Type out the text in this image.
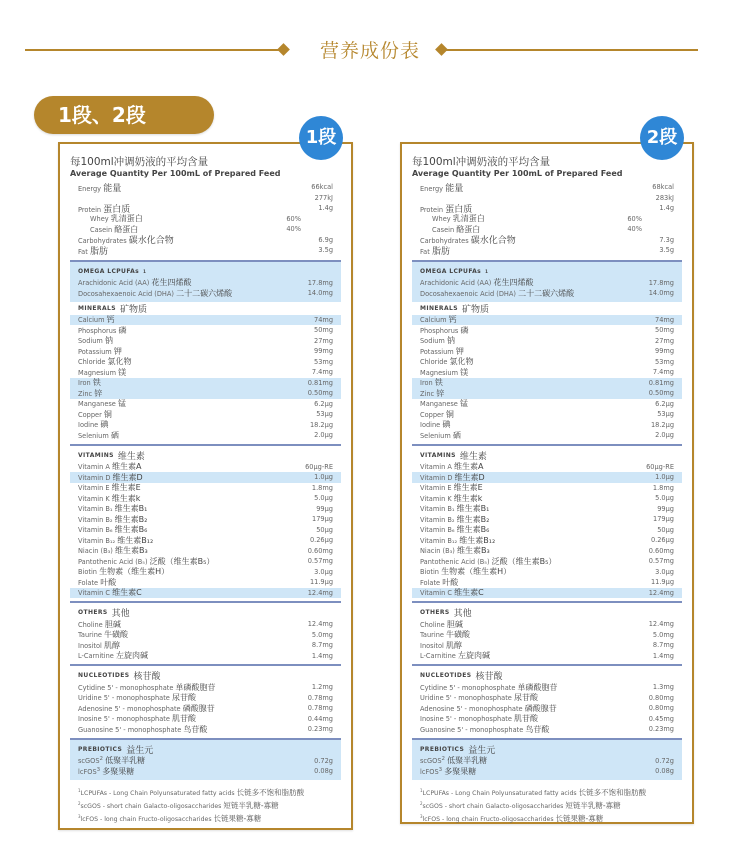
营养成份表
1段、2段
1段
每100ml冲调奶液的平均含量
Average Quantity Per 100mL of Prepared Feed
Energy 能量	66kcal
277kJ
Protein 蛋白质	1.4g
Whey 乳清蛋白	60%
Casein 酪蛋白	40%
Carbohydrates 碳水化合物	6.9g
Fat 脂肪	3.5g
OMEGA LCPUFAs 1
Arachidonic Acid (AA) 花生四烯酸	17.8mg
Docosahexaenoic Acid (DHA) 二十二碳六烯酸	14.0mg
MINERALS 矿物质
Calcium 钙	74mg
Phosphorus 磷	50mg
Sodium 钠	27mg
Potassium 钾	99mg
Chloride 氯化物	53mg
Magnesium 镁	7.4mg
Iron 铁	0.81mg
Zinc 锌	0.50mg
Manganese 锰	6.2μg
Copper 铜	53μg
Iodine 碘	18.2μg
Selenium 硒	2.0μg
VITAMINS 维生素
Vitamin A 维生素A	60μg-RE
Vitamin D 维生素D	1.0μg
Vitamin E 维生素E	1.8mg
Vitamin K 维生素k	5.0μg
Vitamin B₁ 维生素B₁	99μg
Vitamin B₂ 维生素B₂	179μg
Vitamin B₆ 维生素B₆	50μg
Vitamin B₁₂ 维生素B₁₂	0.26μg
Niacin (B₃) 维生素B₃	0.60mg
Pantothenic Acid (B₅) 泛酸（维生素B₅）	0.57mg
Biotin 生物素（维生素H）	3.0μg
Folate 叶酸	11.9μg
Vitamin C 维生素C	12.4mg
OTHERS 其他
Choline 胆碱	12.4mg
Taurine 牛磺酸	5.0mg
Inositol 肌醇	8.7mg
L-Carnitine 左旋肉碱	1.4mg
NUCLEOTIDES 核苷酸
Cytidine 5' - monophosphate 单磷酸胞苷	1.2mg
Uridine 5' - monophosphate 尿苷酸	0.78mg
Adenosine 5' - monophosphate 磷酸腺苷	0.78mg
Inosine 5' - monophosphate 肌苷酸	0.44mg
Guanosine 5' - monophosphate 鸟苷酸	0.23mg
PREBIOTICS 益生元
scGOS$^2$ 低聚半乳糖	0.72g
lcFOS$^3$ 多聚果糖	0.08g
$^1$LCPUFAs - Long Chain Polyunsaturated fatty acids 长链多不饱和脂肪酸
$^2$scGOS - short chain Galacto-oligosaccharides 短链半乳糖-寡糖
$^3$lcFOS - long chain Fructo-oligosaccharides 长链果糖-寡糖
2段
每100ml冲调奶液的平均含量
Average Quantity Per 100mL of Prepared Feed
Energy 能量	68kcal
283kJ
Protein 蛋白质	1.4g
Whey 乳清蛋白	60%
Casein 酪蛋白	40%
Carbohydrates 碳水化合物	7.3g
Fat 脂肪	3.5g
OMEGA LCPUFAs 1
Arachidonic Acid (AA) 花生四烯酸	17.8mg
Docosahexaenoic Acid (DHA) 二十二碳六烯酸	14.0mg
MINERALS 矿物质
Calcium 钙	74mg
Phosphorus 磷	50mg
Sodium 钠	27mg
Potassium 钾	99mg
Chloride 氯化物	53mg
Magnesium 镁	7.4mg
Iron 铁	0.81mg
Zinc 锌	0.50mg
Manganese 锰	6.2μg
Copper 铜	53μg
Iodine 碘	18.2μg
Selenium 硒	2.0μg
VITAMINS 维生素
Vitamin A 维生素A	60μg-RE
Vitamin D 维生素D	1.0μg
Vitamin E 维生素E	1.8mg
Vitamin K 维生素k	5.0μg
Vitamin B₁ 维生素B₁	99μg
Vitamin B₂ 维生素B₂	179μg
Vitamin B₆ 维生素B₆	50μg
Vitamin B₁₂ 维生素B₁₂	0.26μg
Niacin (B₃) 维生素B₃	0.60mg
Pantothenic Acid (B₅) 泛酸（维生素B₅）	0.57mg
Biotin 生物素（维生素H）	3.0μg
Folate 叶酸	11.9μg
Vitamin C 维生素C	12.4mg
OTHERS 其他
Choline 胆碱	12.4mg
Taurine 牛磺酸	5.0mg
Inositol 肌醇	8.7mg
L-Carnitine 左旋肉碱	1.4mg
NUCLEOTIDES 核苷酸
Cytidine 5' - monophosphate 单磷酸胞苷	1.3mg
Uridine 5' - monophosphate 尿苷酸	0.80mg
Adenosine 5' - monophosphate 磷酸腺苷	0.80mg
Inosine 5' - monophosphate 肌苷酸	0.45mg
Guanosine 5' - monophosphate 鸟苷酸	0.23mg
PREBIOTICS 益生元
scGOS$^2$ 低聚半乳糖	0.72g
lcFOS$^3$ 多聚果糖	0.08g
$^1$LCPUFAs - Long Chain Polyunsaturated fatty acids 长链多不饱和脂肪酸
$^2$scGOS - short chain Galacto-oligosaccharides 短链半乳糖-寡糖
$^3$lcFOS - long chain Fructo-oligosaccharides 长链果糖-寡糖
